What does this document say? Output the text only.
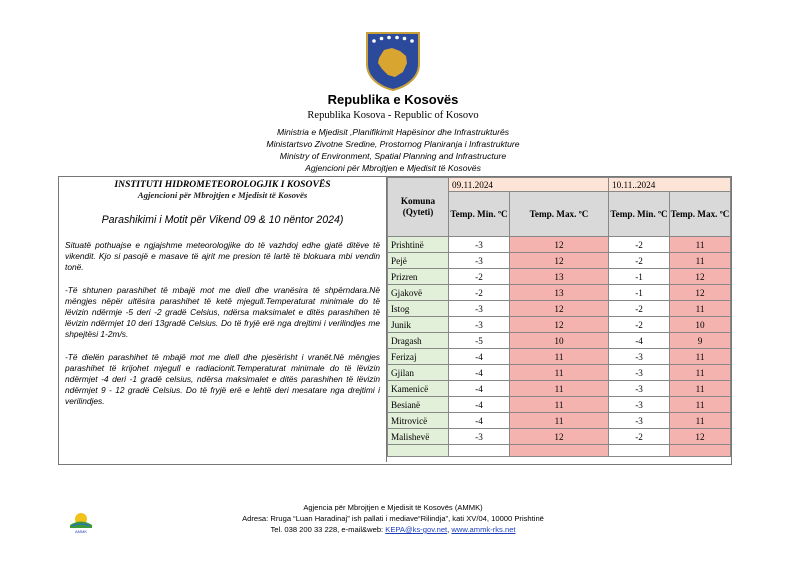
Republika e Kosovës
Republika Kosova - Republic of Kosovo
Ministria e Mjedisit ,Planifikimit Hapësinor dhe Infrastrukturës
Ministartsvo Zivotne Sredine, Prostornog Planiranja i Infrastrukture
Ministry of Environment, Spatial Planning and Infrastructure
Agjencioni për Mbrojtjen e Mjedisit të Kosovës
INSTITUTI HIDROMETEOROLOGJIK I KOSOVËS
Agjencioni për Mbrojtjen e Mjedisit të Kosovës
Parashikimi i Motit për Vikend 09 & 10 nëntor 2024)

Situatë pothuajse e ngjajshme meteorologjike do të vazhdoj edhe gjatë ditëve të vikendit. Kjo si pasojë e masave të ajrit me presion të lartë të blokuara mbi vendin tonë.

-Të shtunen parashihet të mbajë mot me diell dhe vranësira të shpërndara.Në mëngjes nëpër ultësira parashihet të ketë mjegull.Temperaturat minimale do të lëvizin ndërmje -5 deri -2 gradë Celsius, ndërsa maksimalet e ditës parashihen të lëvizin ndërmjet 10 deri 13gradë Celsius. Do të fryjë erë nga drejtimi i verilindjes me shpejtësi 1-2m/s.

-Të dielën parashihet të mbajë mot me diell dhe pjesërisht i vranët.Në mëngjes parashihet të krijohet mjegull e radiacionit.Temperaturat minimale do të lëvizin ndërmjet -4 deri -1 gradë celsius, ndërsa maksimalet e ditës parashihen të lëvizin ndërmjet 9 - 12 gradë Celsius. Do të fryjë erë e lehtë deri mesatare nga drejtimi i verilindjes.

Komuna (Qyteti)	09.11.2024		10.11..2024	
	Temp. Min. ºC	Temp. Max. ºC	Temp. Min. ºC	Temp. Max. ºC
Prishtinë	-3	12	-2	11
Pejë	-3	12	-2	11
Prizren	-2	13	-1	12
Gjakovë	-2	13	-1	12
Istog	-3	12	-2	11
Junik	-3	12	-2	10
Dragash	-5	10	-4	9
Ferizaj	-4	11	-3	11
Gjilan	-4	11	-3	11
Kamenicë	-4	11	-3	11
Besianë	-4	11	-3	11
Mitrovicë	-4	11	-3	11
Malishevë	-3	12	-2	12

Agjencia për Mbrojtjen e Mjedisit të Kosovës (AMMK)
Adresa: Rruga “Luan Haradinaj” ish pallati i mediave“Rilindja”, kati XV/04, 10000 Prishtinë
Tel. 038 200 33 228, e-mail&web: KEPA@ks-gov.net, www.ammk-rks.net
AMMK
